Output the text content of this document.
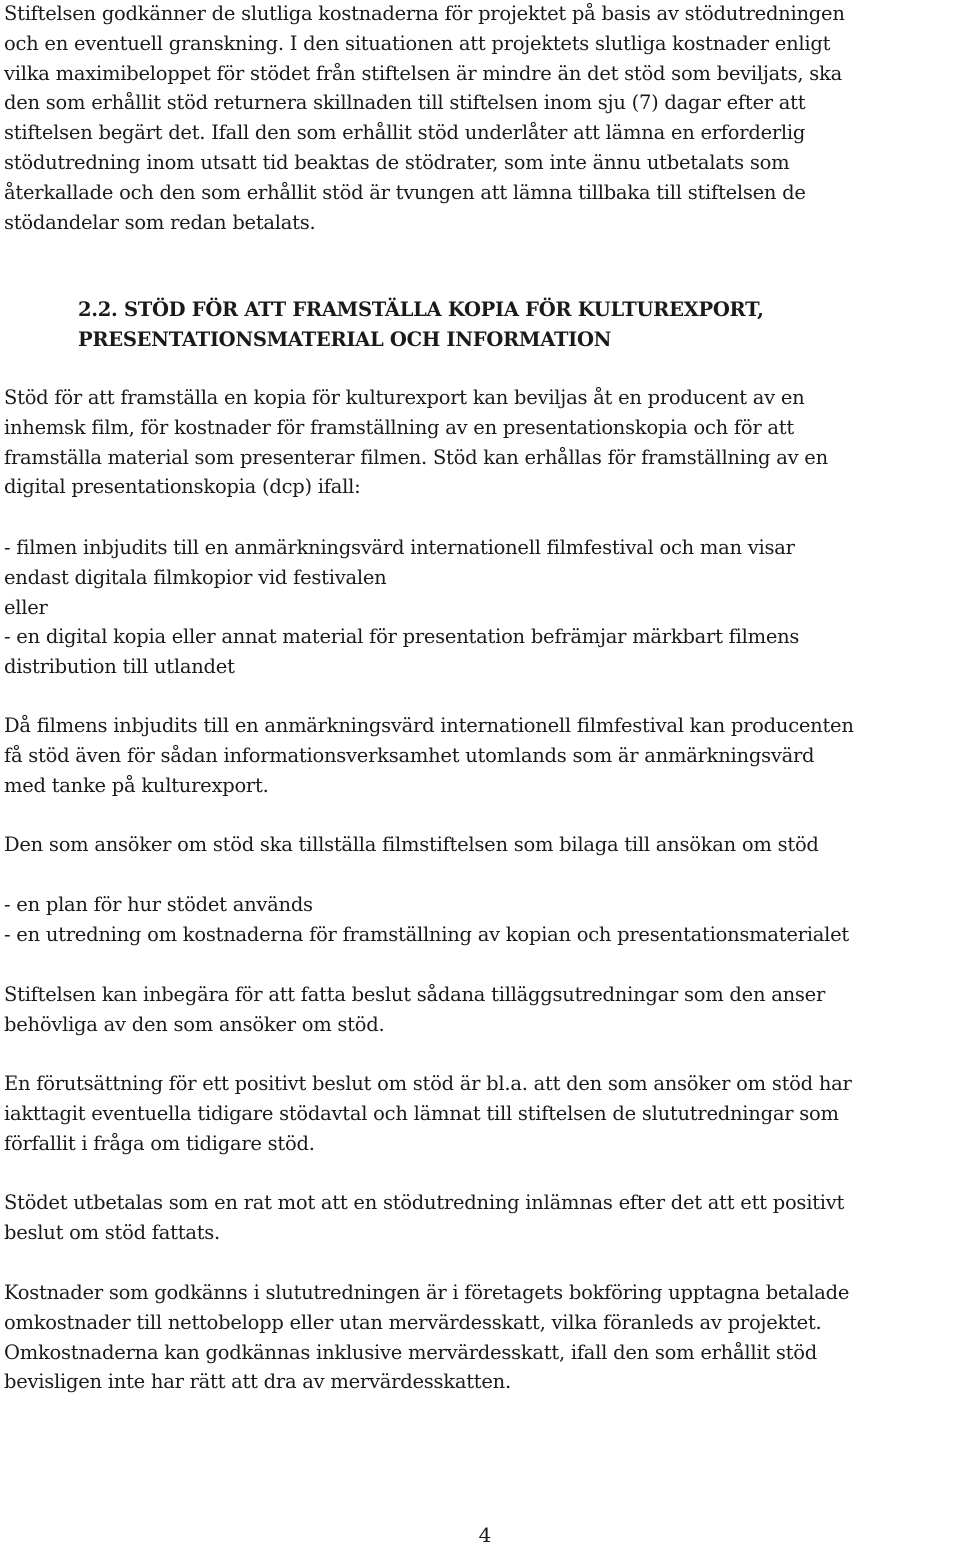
Stiftelsen godkänner de slutliga kostnaderna för projektet på basis av stödutredningen
och en eventuell granskning. I den situationen att projektets slutliga kostnader enligt
vilka maximibeloppet för stödet från stiftelsen är mindre än det stöd som beviljats, ska
den som erhållit stöd returnera skillnaden till stiftelsen inom sju (7) dagar efter att
stiftelsen begärt det. Ifall den som erhållit stöd underlåter att lämna en erforderlig
stödutredning inom utsatt tid beaktas de stödrater, som inte ännu utbetalats som
återkallade och den som erhållit stöd är tvungen att lämna tillbaka till stiftelsen de
stödandelar som redan betalats.

2.2. STÖD FÖR ATT FRAMSTÄLLA KOPIA FÖR KULTUREXPORT,
PRESENTATIONSMATERIAL OCH INFORMATION

Stöd för att framställa en kopia för kulturexport kan beviljas åt en producent av en
inhemsk film, för kostnader för framställning av en presentationskopia och för att
framställa material som presenterar filmen. Stöd kan erhållas för framställning av en
digital presentationskopia (dcp) ifall:

- filmen inbjudits till en anmärkningsvärd internationell filmfestival och man visar
endast digitala filmkopior vid festivalen
eller
- en digital kopia eller annat material för presentation befrämjar märkbart filmens
distribution till utlandet

Då filmens inbjudits till en anmärkningsvärd internationell filmfestival kan producenten
få stöd även för sådan informationsverksamhet utomlands som är anmärkningsvärd
med tanke på kulturexport.

Den som ansöker om stöd ska tillställa filmstiftelsen som bilaga till ansökan om stöd

- en plan för hur stödet används
- en utredning om kostnaderna för framställning av kopian och presentationsmaterialet

Stiftelsen kan inbegära för att fatta beslut sådana tilläggsutredningar som den anser
behövliga av den som ansöker om stöd.

En förutsättning för ett positivt beslut om stöd är bl.a. att den som ansöker om stöd har
iakttagit eventuella tidigare stödavtal och lämnat till stiftelsen de slututredningar som
förfallit i fråga om tidigare stöd.

Stödet utbetalas som en rat mot att en stödutredning inlämnas efter det att ett positivt
beslut om stöd fattats.

Kostnader som godkänns i slututredningen är i företagets bokföring upptagna betalade
omkostnader till nettobelopp eller utan mervärdesskatt, vilka föranleds av projektet.
Omkostnaderna kan godkännas inklusive mervärdesskatt, ifall den som erhållit stöd
bevisligen inte har rätt att dra av mervärdesskatten.

4
